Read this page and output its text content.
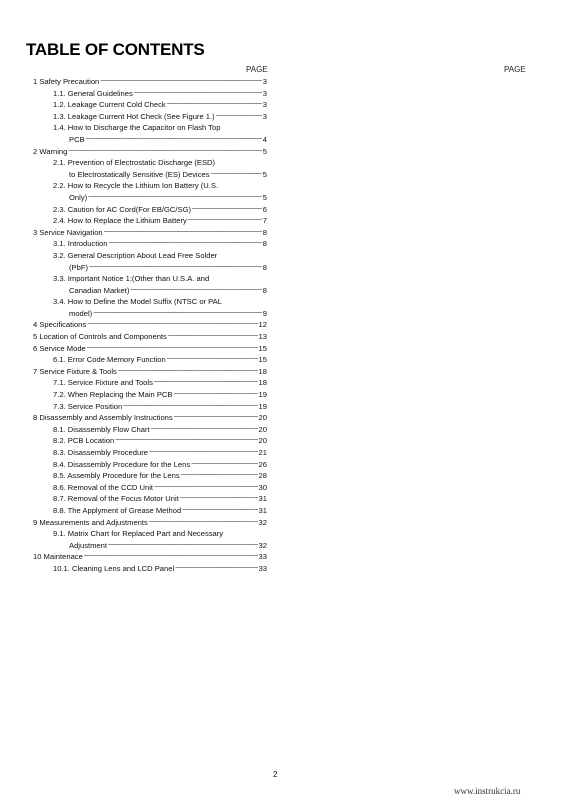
TABLE OF CONTENTS
PAGE	PAGE
1 Safety Precaution -----	3
1.1. General Guidelines -----	3
1.2. Leakage Current Cold Check -----	3
1.3. Leakage Current Hot Check (See Figure 1.) -----	3
1.4. How to Discharge the Capacitor on Flash Top
PCB -----	4
2 Warning -----	5
2.1. Prevention of Electrostatic Discharge (ESD)
to Electrostatically Sensitive (ES) Devices -----	5
2.2. How to Recycle the Lithium Ion Battery (U.S.
Only) -----	5
2.3. Caution for AC Cord(For EB/GC/SG) -----	6
2.4. How to Replace the Lithium Battery -----	7
3 Service Navigation -----	8
3.1. Introduction -----	8
3.2. General Description About Lead Free Solder
(PbF) -----	8
3.3. Important Notice 1:(Other than U.S.A. and
Canadian Market) -----	8
3.4. How to Define the Model Suffix (NTSC or PAL
model) -----	9
4 Specifications -----	12
5 Location of Controls and Components -----	13
6 Service Mode -----	15
6.1. Error Code Memory Function -----	15
7 Service Fixture & Tools -----	18
7.1. Service Fixture and Tools -----	18
7.2. When Replacing the Main PCB -----	19
7.3. Service Position -----	19
8 Disassembly and Assembly Instructions -----	20
8.1. Disassembly Flow Chart -----	20
8.2. PCB Location -----	20
8.3. Disassembly Procedure -----	21
8.4. Disassembly Procedure for the Lens -----	26
8.5. Assembly Procedure for the Lens -----	28
8.6. Removal of the CCD Unit -----	30
8.7. Removal of the Focus Motor Unit -----	31
8.8. The Applyment of Grease Method -----	31
9 Measurements and Adjustments -----	32
9.1. Matrix Chart for Replaced Part and Necessary
Adjustment -----	32
10 Maintenace -----	33
10.1. Cleaning Lens and LCD Panel -----	33
2
www.instrukcia.ru
